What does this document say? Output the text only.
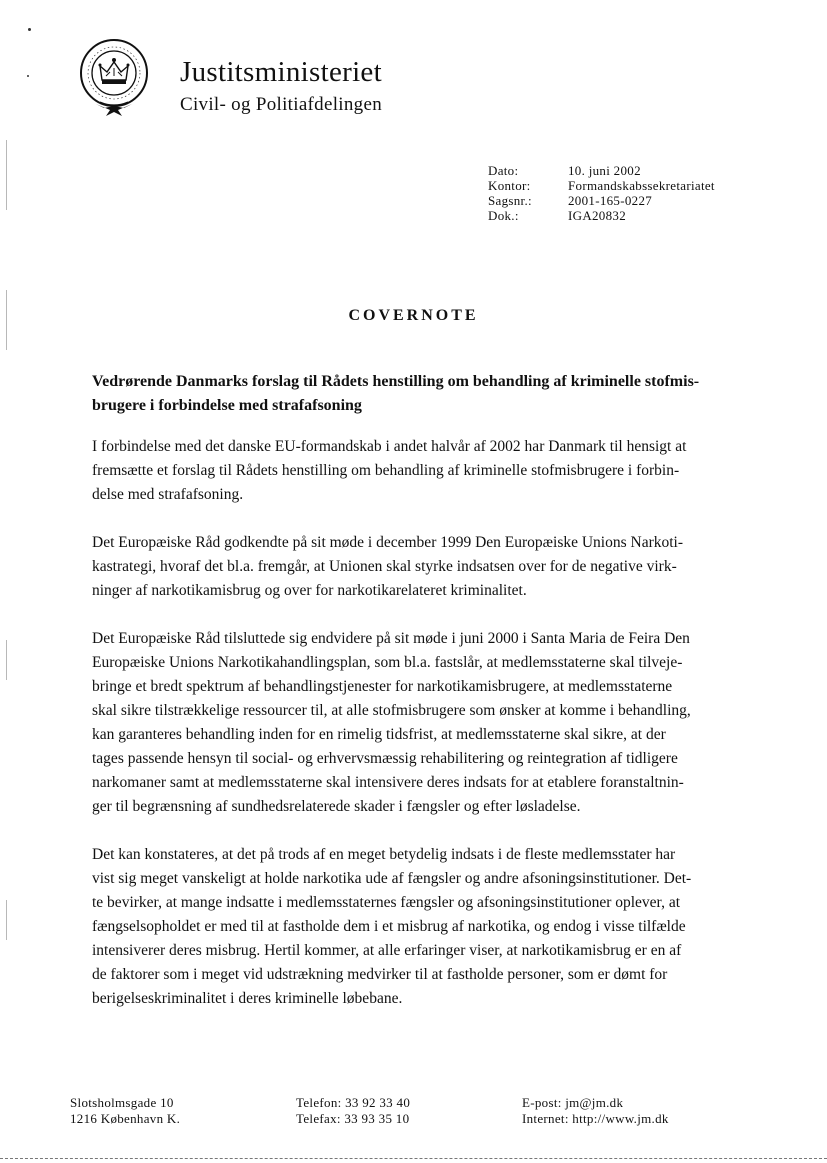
Justitsministeriet
Civil- og Politiafdelingen
Dato:	10. juni 2002
Kontor:	Formandskabssekretariatet
Sagsnr.:	2001-165-0227
Dok.:	IGA20832
COVERNOTE

Vedrørende Danmarks forslag til Rådets henstilling om behandling af kriminelle stofmis-
brugere i forbindelse med strafafsoning

I forbindelse med det danske EU-formandskab i andet halvår af 2002 har Danmark til hensigt at
fremsætte et forslag til Rådets henstilling om behandling af kriminelle stofmisbrugere i forbin-
delse med strafafsoning.

Det Europæiske Råd godkendte på sit møde i december 1999 Den Europæiske Unions Narkoti-
kastrategi, hvoraf det bl.a. fremgår, at Unionen skal styrke indsatsen over for de negative virk-
ninger af narkotikamisbrug og over for narkotikarelateret kriminalitet.

Det Europæiske Råd tilsluttede sig endvidere på sit møde i juni 2000 i Santa Maria de Feira Den
Europæiske Unions Narkotikahandlingsplan, som bl.a. fastslår, at medlemsstaterne skal tilveje-
bringe et bredt spektrum af behandlingstjenester for narkotikamisbrugere, at medlemsstaterne
skal sikre tilstrækkelige ressourcer til, at alle stofmisbrugere som ønsker at komme i behandling,
kan garanteres behandling inden for en rimelig tidsfrist, at medlemsstaterne skal sikre, at der
tages passende hensyn til social- og erhvervsmæssig rehabilitering og reintegration af tidligere
narkomaner samt at medlemsstaterne skal intensivere deres indsats for at etablere foranstaltnin-
ger til begrænsning af sundhedsrelaterede skader i fængsler og efter løsladelse.

Det kan konstateres, at det på trods af en meget betydelig indsats i de fleste medlemsstater har
vist sig meget vanskeligt at holde narkotika ude af fængsler og andre afsoningsinstitutioner. Det-
te bevirker, at mange indsatte i medlemsstaternes fængsler og afsoningsinstitutioner oplever, at
fængselsopholdet er med til at fastholde dem i et misbrug af narkotika, og endog i visse tilfælde
intensiverer deres misbrug. Hertil kommer, at alle erfaringer viser, at narkotikamisbrug er en af
de faktorer som i meget vid udstrækning medvirker til at fastholde personer, som er dømt for
berigelseskriminalitet i deres kriminelle løbebane.

Slotsholmsgade 10
1216 København K.
Telefon: 33 92 33 40
Telefax: 33 93 35 10
E-post: jm@jm.dk
Internet: http://www.jm.dk
